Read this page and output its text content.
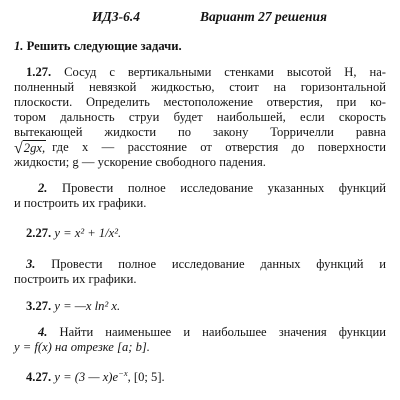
ИДЗ-6.4	Вариант 27 решения
1. Решить следующие задачи.
1.27. Сосуд с вертикальными стенками высотой H, на-
полненный невязкой жидкостью, стоит на горизонтальной
плоскости. Определить местоположение отверстия, при ко-
тором дальность струи будет наибольшей, если скорость
вытекающей жидкости по закону Торричелли равна
√2gx, где x — расстояние от отверстия до поверхности
жидкости; g — ускорение свободного падения.
2. Провести полное исследование указанных функций
и построить их графики.
2.27. y = x² + 1/x².
3. Провести полное исследование данных функций и
построить их графики.
3.27. y = —x ln² x.
4. Найти наименьшее и наибольшее значения функции
y = f(x) на отрезке [a; b].
4.27. y = (3 — $x)e^{-x}$, [0; 5].
